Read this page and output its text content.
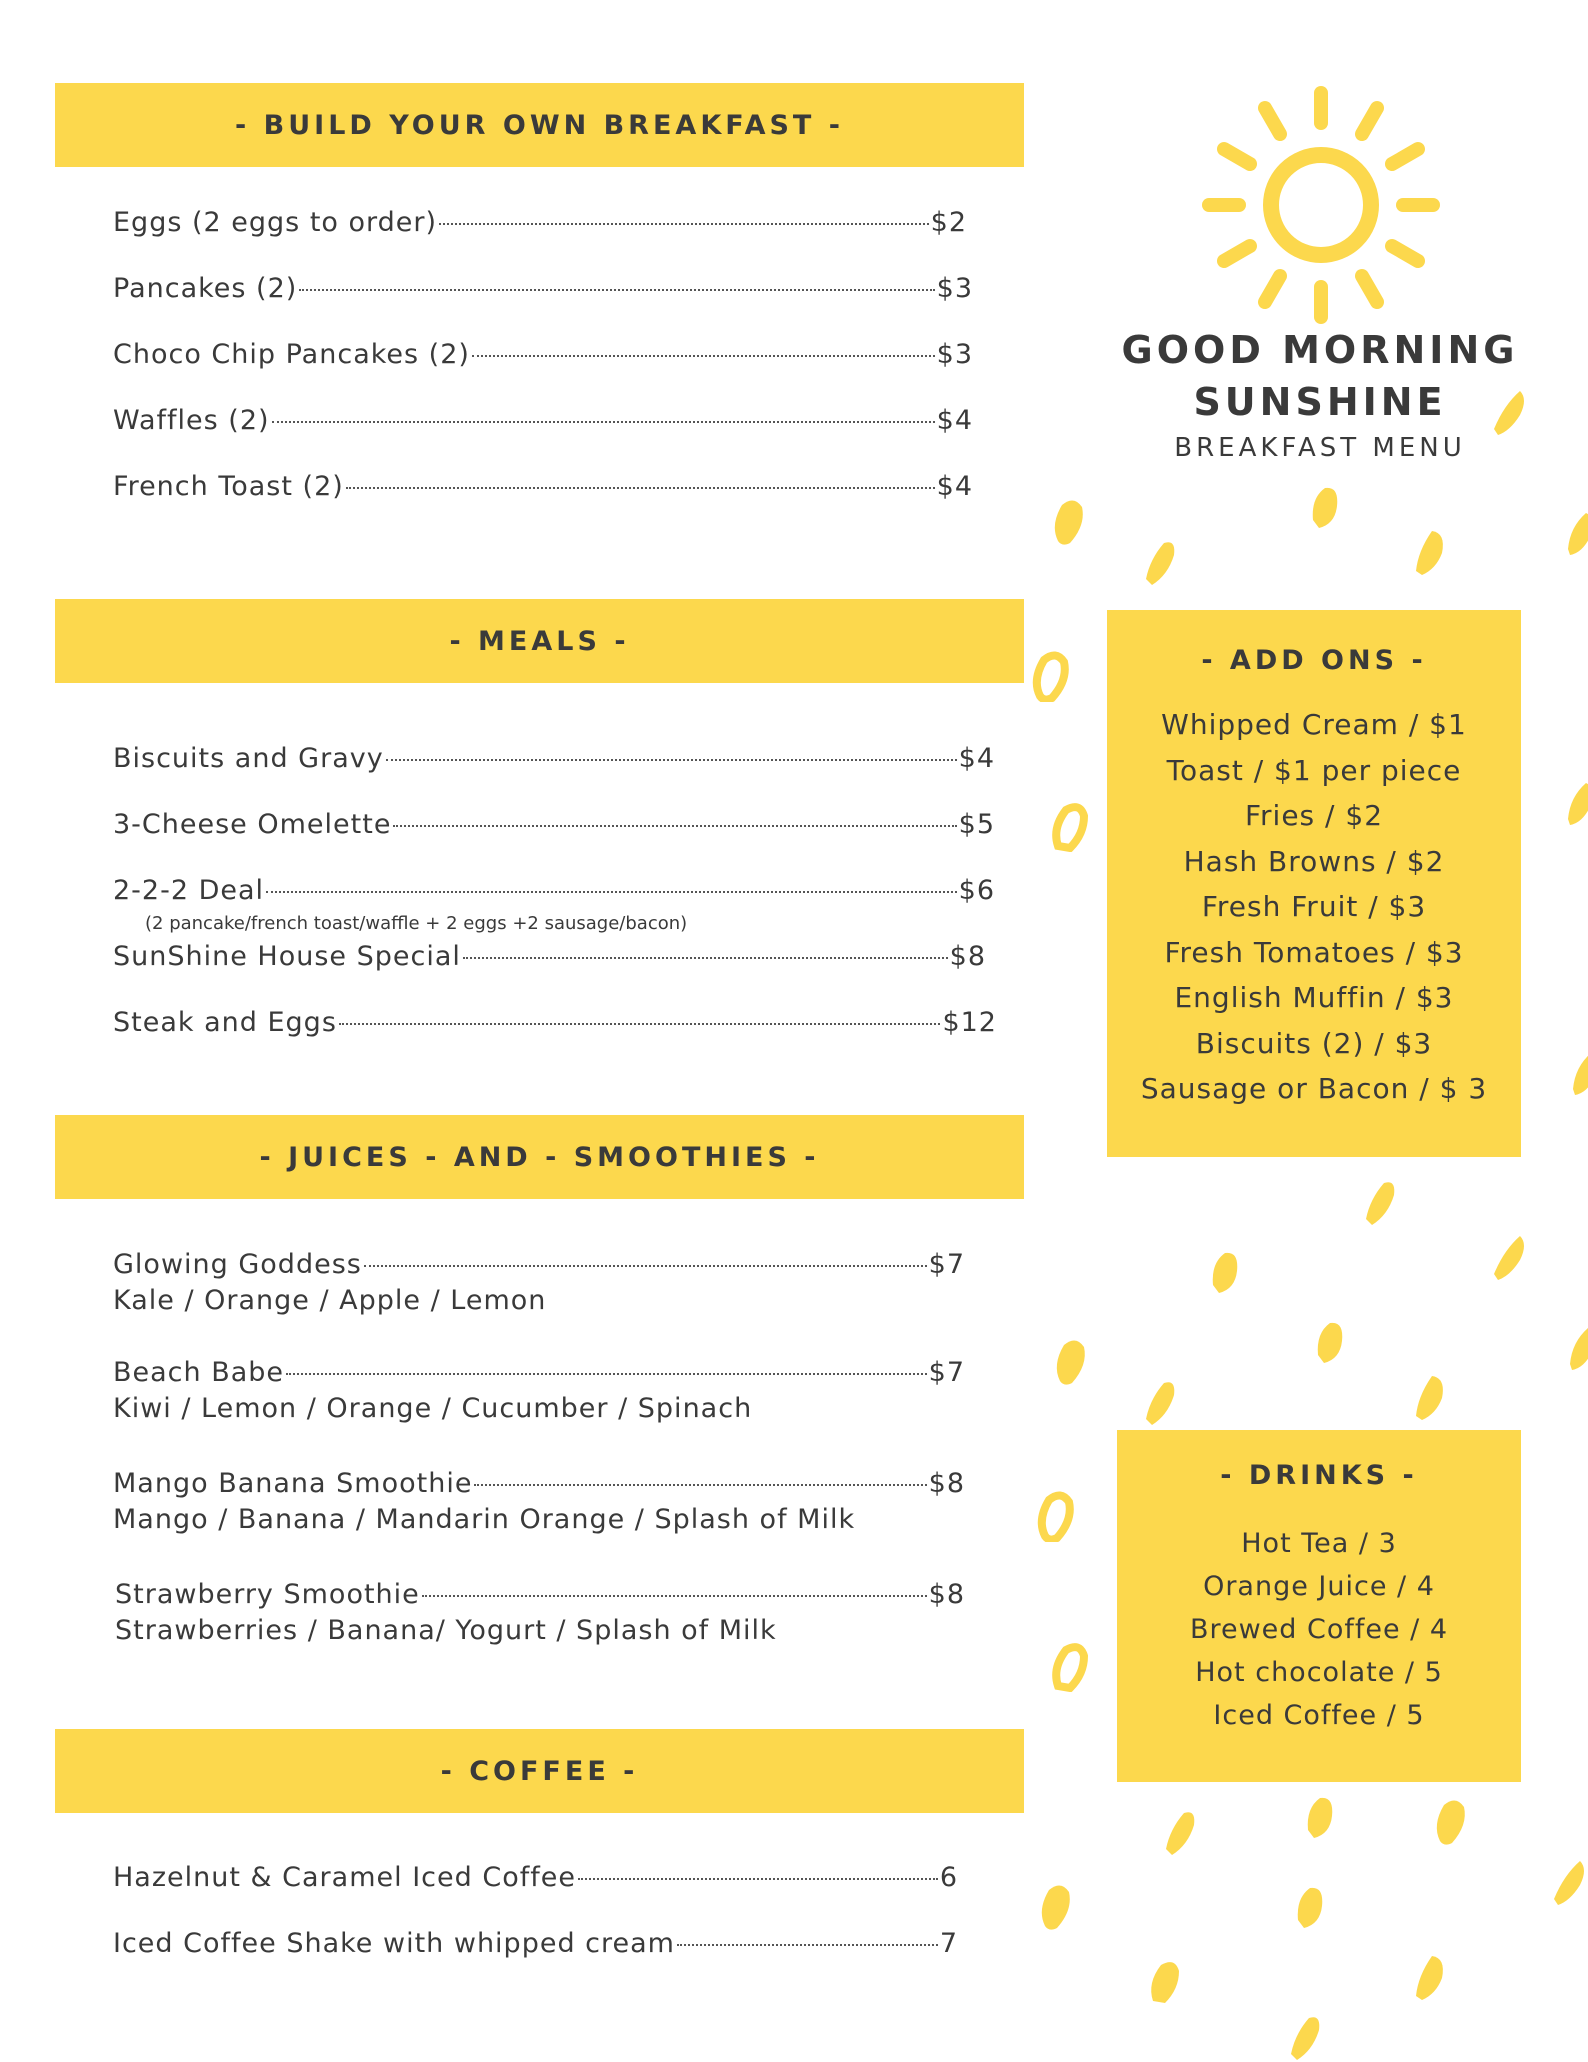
GOOD MORNING
SUNSHINE
BREAKFAST MENU
- BUILD YOUR OWN BREAKFAST -
Eggs (2 eggs to order)	$2
Pancakes (2)	$3
Choco Chip Pancakes (2)	$3
Waffles (2)	$4
French Toast (2)	$4
- MEALS -
Biscuits and Gravy	$4
3-Cheese Omelette	$5
2-2-2 Deal	$6
(2 pancake/french toast/waffle + 2 eggs +2 sausage/bacon)
SunShine House Special	$8
Steak and Eggs	$12
- JUICES - AND - SMOOTHIES -
Glowing Goddess	$7
Kale / Orange / Apple / Lemon
Beach Babe	$7
Kiwi / Lemon / Orange / Cucumber / Spinach
Mango Banana Smoothie	$8
Mango / Banana / Mandarin Orange / Splash of Milk
Strawberry Smoothie	$8
Strawberries / Banana/ Yogurt / Splash of Milk
- COFFEE -
Hazelnut & Caramel Iced Coffee	6
Iced Coffee Shake with whipped cream	7
- ADD ONS -
Whipped Cream / $1
Toast / $1 per piece
Fries / $2
Hash Browns / $2
Fresh Fruit / $3
Fresh Tomatoes / $3
English Muffin / $3
Biscuits (2) / $3
Sausage or Bacon / $ 3
- DRINKS -
Hot Tea / 3
Orange Juice / 4
Brewed Coffee / 4
Hot chocolate / 5
Iced Coffee / 5
